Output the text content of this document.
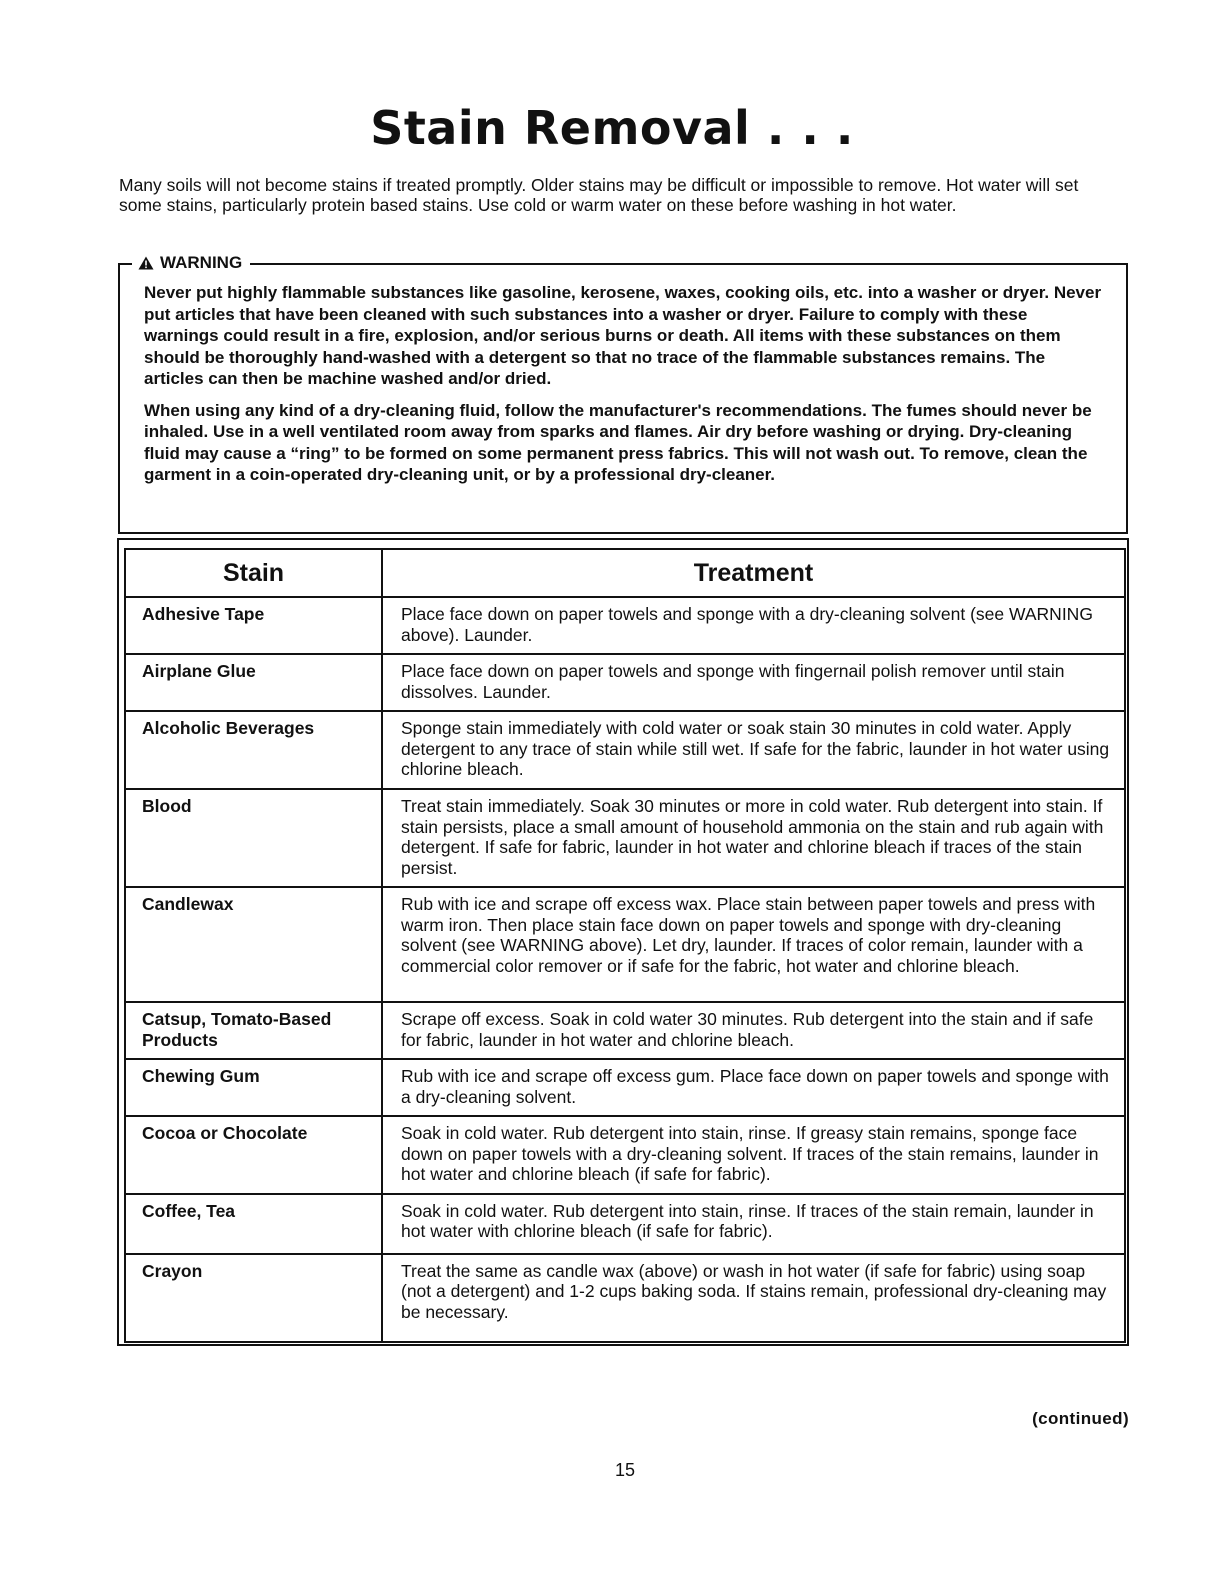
Stain Removal . . .
Many soils will not become stains if treated promptly. Older stains may be difficult or impossible to remove. Hot water will set some stains, particularly protein based stains. Use cold or warm water on these before washing in hot water.
WARNING

Never put highly flammable substances like gasoline, kerosene, waxes, cooking oils, etc. into a washer or dryer. Never put articles that have been cleaned with such substances into a washer or dryer. Failure to comply with these warnings could result in a fire, explosion, and/or serious burns or death. All items with these substances on them should be thoroughly hand-washed with a detergent so that no trace of the flammable substances remains. The articles can then be machine washed and/or dried.

When using any kind of a dry-cleaning fluid, follow the manufacturer's recommendations. The fumes should never be inhaled. Use in a well ventilated room away from sparks and flames. Air dry before washing or drying. Dry-cleaning fluid may cause a “ring” to be formed on some permanent press fabrics. This will not wash out. To remove, clean the garment in a coin-operated dry-cleaning unit, or by a professional dry-cleaner.

Stain	Treatment
Adhesive Tape	Place face down on paper towels and sponge with a dry-cleaning solvent (see WARNING above). Launder.
Airplane Glue	Place face down on paper towels and sponge with fingernail polish remover until stain dissolves. Launder.
Alcoholic Beverages	Sponge stain immediately with cold water or soak stain 30 minutes in cold water. Apply detergent to any trace of stain while still wet. If safe for the fabric, launder in hot water using chlorine bleach.
Blood	Treat stain immediately. Soak 30 minutes or more in cold water. Rub detergent into stain. If stain persists, place a small amount of household ammonia on the stain and rub again with detergent. If safe for fabric, launder in hot water and chlorine bleach if traces of the stain persist.
Candlewax	Rub with ice and scrape off excess wax. Place stain between paper towels and press with warm iron. Then place stain face down on paper towels and sponge with dry-cleaning solvent (see WARNING above). Let dry, launder. If traces of color remain, launder with a commercial color remover or if safe for the fabric, hot water and chlorine bleach.
Catsup, Tomato-Based Products	Scrape off excess. Soak in cold water 30 minutes. Rub detergent into the stain and if safe for fabric, launder in hot water and chlorine bleach.
Chewing Gum	Rub with ice and scrape off excess gum. Place face down on paper towels and sponge with a dry-cleaning solvent.
Cocoa or Chocolate	Soak in cold water. Rub detergent into stain, rinse. If greasy stain remains, sponge face down on paper towels with a dry-cleaning solvent. If traces of the stain remains, launder in hot water and chlorine bleach (if safe for fabric).
Coffee, Tea	Soak in cold water. Rub detergent into stain, rinse. If traces of the stain remain, launder in hot water with chlorine bleach (if safe for fabric).
Crayon	Treat the same as candle wax (above) or wash in hot water (if safe for fabric) using soap (not a detergent) and 1-2 cups baking soda. If stains remain, professional dry-cleaning may be necessary.
(continued)
15
